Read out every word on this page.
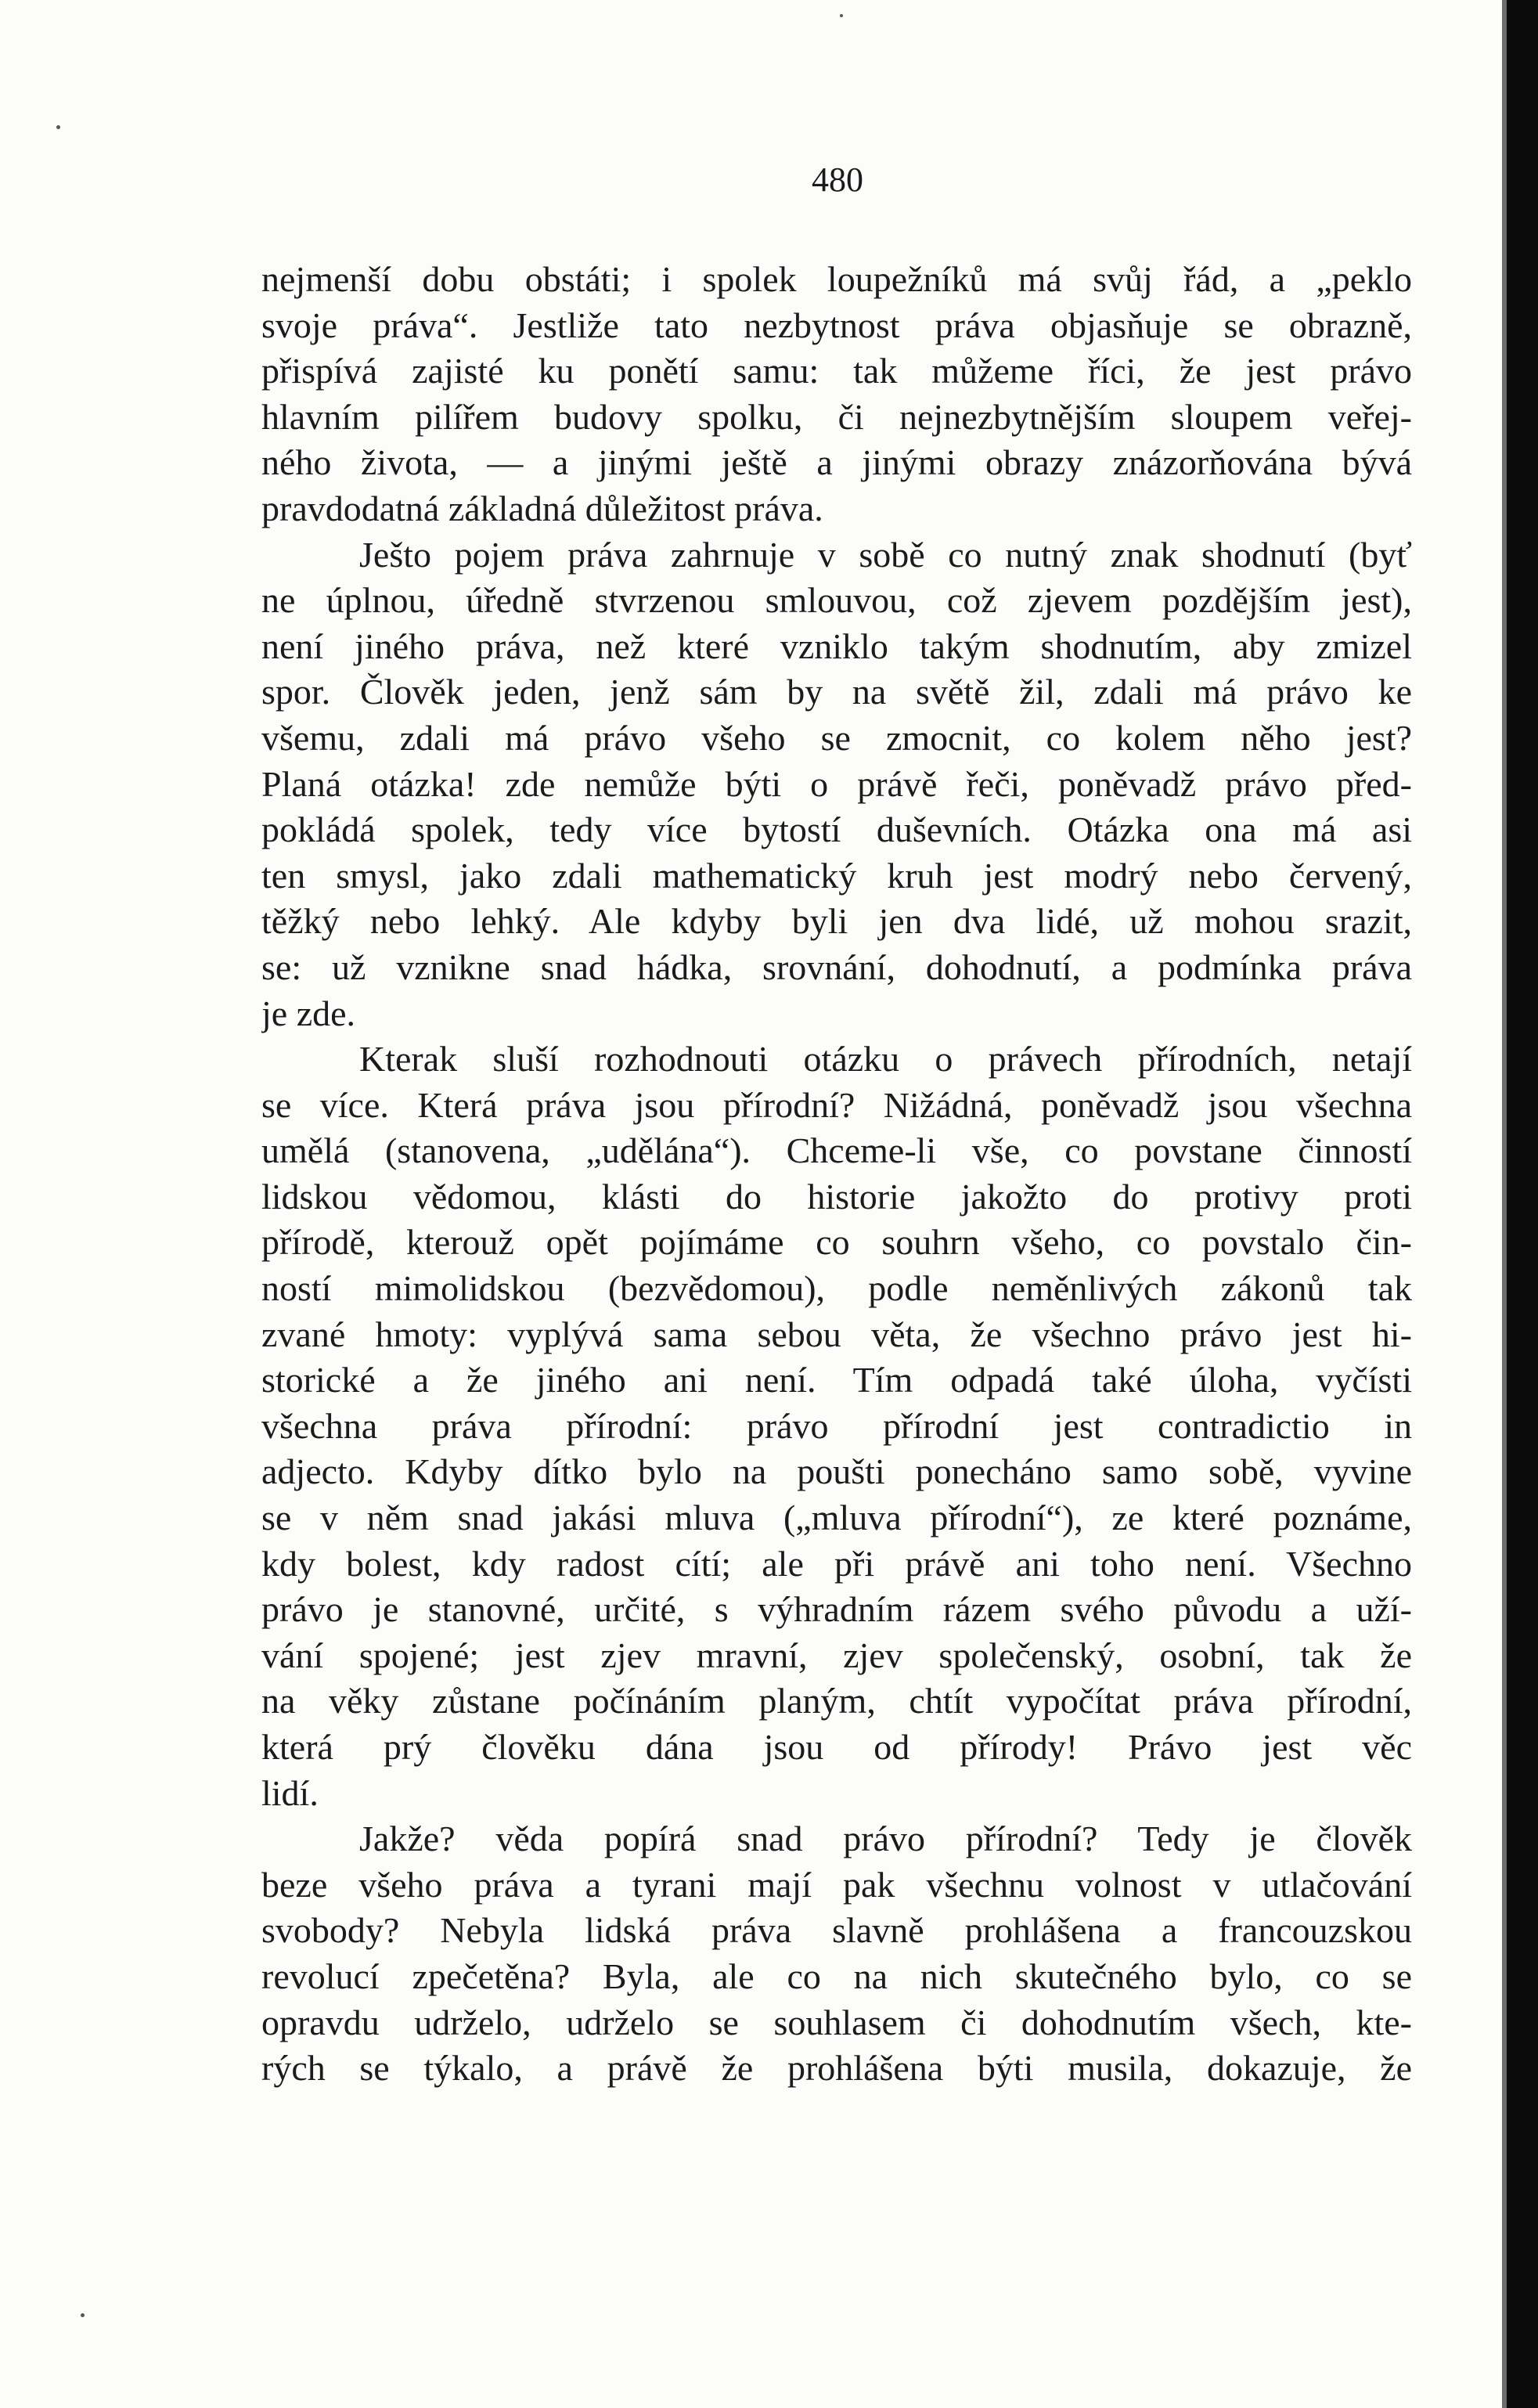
480

nejmenší dobu obstáti; i spolek loupežníků má svůj řád, a „peklo
svoje práva“. Jestliže tato nezbytnost práva objasňuje se obrazně,
přispívá zajisté ku ponětí samu: tak můžeme říci, že jest právo
hlavním pilířem budovy spolku, či nejnezbytnějším sloupem veřej-
ného života, — a jinými ještě a jinými obrazy znázorňována bývá
pravdodatná základná důležitost práva.

Ješto pojem práva zahrnuje v sobě co nutný znak shodnutí (byť
ne úplnou, úředně stvrzenou smlouvou, což zjevem pozdějším jest),
není jiného práva, než které vzniklo takým shodnutím, aby zmizel
spor. Člověk jeden, jenž sám by na světě žil, zdali má právo ke
všemu, zdali má právo všeho se zmocnit, co kolem něho jest?
Planá otázka! zde nemůže býti o právě řeči, poněvadž právo před-
pokládá spolek, tedy více bytostí duševních. Otázka ona má asi
ten smysl, jako zdali mathematický kruh jest modrý nebo červený,
těžký nebo lehký. Ale kdyby byli jen dva lidé, už mohou srazit,
se: už vznikne snad hádka, srovnání, dohodnutí, a podmínka práva
je zde.

Kterak sluší rozhodnouti otázku o právech přírodních, netají
se více. Která práva jsou přírodní? Nižádná, poněvadž jsou všechna
umělá (stanovena, „udělána“). Chceme-li vše, co povstane činností
lidskou vědomou, klásti do historie jakožto do protivy proti
přírodě, kterouž opět pojímáme co souhrn všeho, co povstalo čin-
ností mimolidskou (bezvědomou), podle neměnlivých zákonů tak
zvané hmoty: vyplývá sama sebou věta, že všechno právo jest hi-
storické a že jiného ani není. Tím odpadá také úloha, vyčísti
všechna práva přírodní: právo přírodní jest contradictio in
adjecto. Kdyby dítko bylo na poušti ponecháno samo sobě, vyvine
se v něm snad jakási mluva („mluva přírodní“), ze které poznáme,
kdy bolest, kdy radost cítí; ale při právě ani toho není. Všechno
právo je stanovné, určité, s výhradním rázem svého původu a uží-
vání spojené; jest zjev mravní, zjev společenský, osobní, tak že
na věky zůstane počínáním planým, chtít vypočítat práva přírodní,
která prý člověku dána jsou od přírody! Právo jest věc
lidí.

Jakže? věda popírá snad právo přírodní? Tedy je člověk
beze všeho práva a tyrani mají pak všechnu volnost v utlačování
svobody? Nebyla lidská práva slavně prohlášena a francouzskou
revolucí zpečetěna? Byla, ale co na nich skutečného bylo, co se
opravdu udrželo, udrželo se souhlasem či dohodnutím všech, kte-
rých se týkalo, a právě že prohlášena býti musila, dokazuje, že
